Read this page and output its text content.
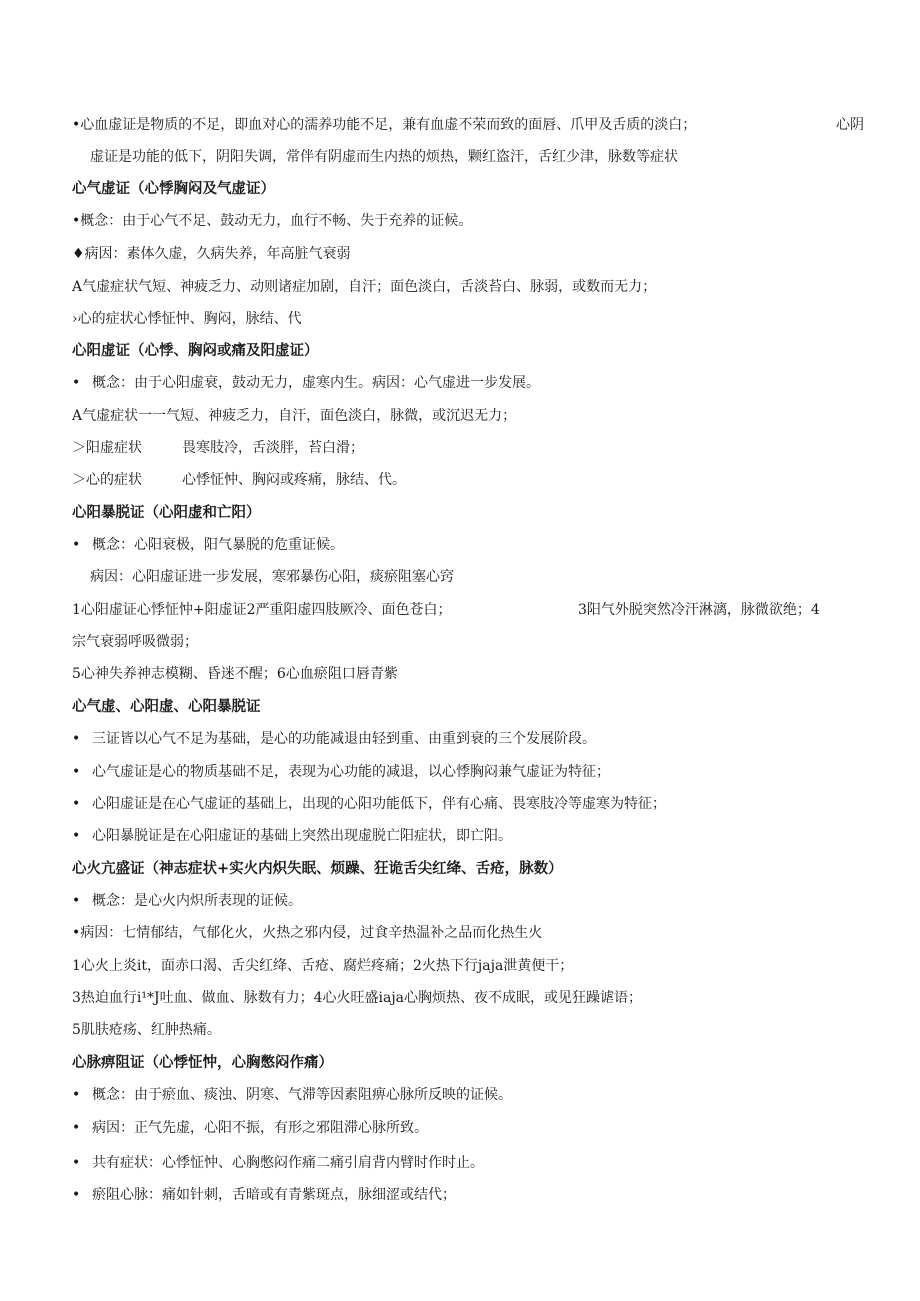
•心血虚证是物质的不足，即血对心的濡养功能不足，兼有血虚不荣而致的面唇、爪甲及舌质的淡白；	心阴
虚证是功能的低下，阴阳失调，常伴有阴虚而生内热的烦热，颗红盗汗，舌红少津，脉数等症状
心气虚证（心悸胸闷及气虚证）
•概念：由于心气不足、鼓动无力，血行不畅、失于充养的证候。
♦病因：素体久虚，久病失养，年高脏气衰弱
A气虚症状气短、神疲乏力、动则诸症加剧，自汗；面色淡白，舌淡苔白、脉弱，或数而无力；
›心的症状心悸怔忡、胸闷，脉结、代
心阳虚证（心悸、胸闷或痛及阳虚证）
• 概念：由于心阳虚衰，鼓动无力，虚寒内生。病因：心气虚进一步发展。
A气虚症状一一气短、神疲乏力，自汗，面色淡白，脉微，或沉迟无力；
＞阳虚症状	畏寒肢冷，舌淡胖，苔白滑；
＞心的症状	心悸怔忡、胸闷或疼痛，脉结、代。
心阳暴脱证（心阳虚和亡阳）
• 概念：心阳衰极，阳气暴脱的危重证候。
病因：心阳虚证进一步发展，寒邪暴伤心阳，痰瘀阻塞心窍
1心阳虚证心悸怔忡+阳虚证2严重阳虚四肢厥冷、面色苍白；	3阳气外脱突然冷汗淋漓，脉微欲绝；4
宗气衰弱呼吸微弱；
5心神失养神志模糊、昏迷不醒；6心血瘀阻口唇青紫
心气虚、心阳虚、心阳暴脱证
• 三证皆以心气不足为基础，是心的功能减退由轻到重、由重到衰的三个发展阶段。
• 心气虚证是心的物质基础不足，表现为心功能的减退，以心悸胸闷兼气虚证为特征；
• 心阳虚证是在心气虚证的基础上，出现的心阳功能低下，伴有心痛、畏寒肢冷等虚寒为特征；
• 心阳暴脱证是在心阳虚证的基础上突然出现虚脱亡阳症状，即亡阳。
心火亢盛证（神志症状+实火内炽失眠、烦躁、狂诡舌尖红绛、舌疮，脉数）
• 概念：是心火内炽所表现的证候。
•病因：七情郁结，气郁化火，火热之邪内侵，过食辛热温补之品而化热生火
1心火上炎it，面赤口渴、舌尖红绛、舌疮、腐烂疼痛；2火热下行jaja泄黄便干；
3热迫血行i¹*J吐血、做血、脉数有力；4心火旺盛iaja心胸烦热、夜不成眠，或见狂躁谑语；
5肌肤疮疡、红肿热痛。
心脉痹阻证（心悸怔忡，心胸憋闷作痛）
• 概念：由于瘀血、痰浊、阴寒、气滞等因素阻痹心脉所反映的证候。
• 病因：正气先虚，心阳不振，有形之邪阻滞心脉所致。
• 共有症状：心悸怔忡、心胸憋闷作痛二痛引肩背内臂时作时止。
• 瘀阻心脉：痛如针刺，舌暗或有青紫斑点，脉细涩或结代；
